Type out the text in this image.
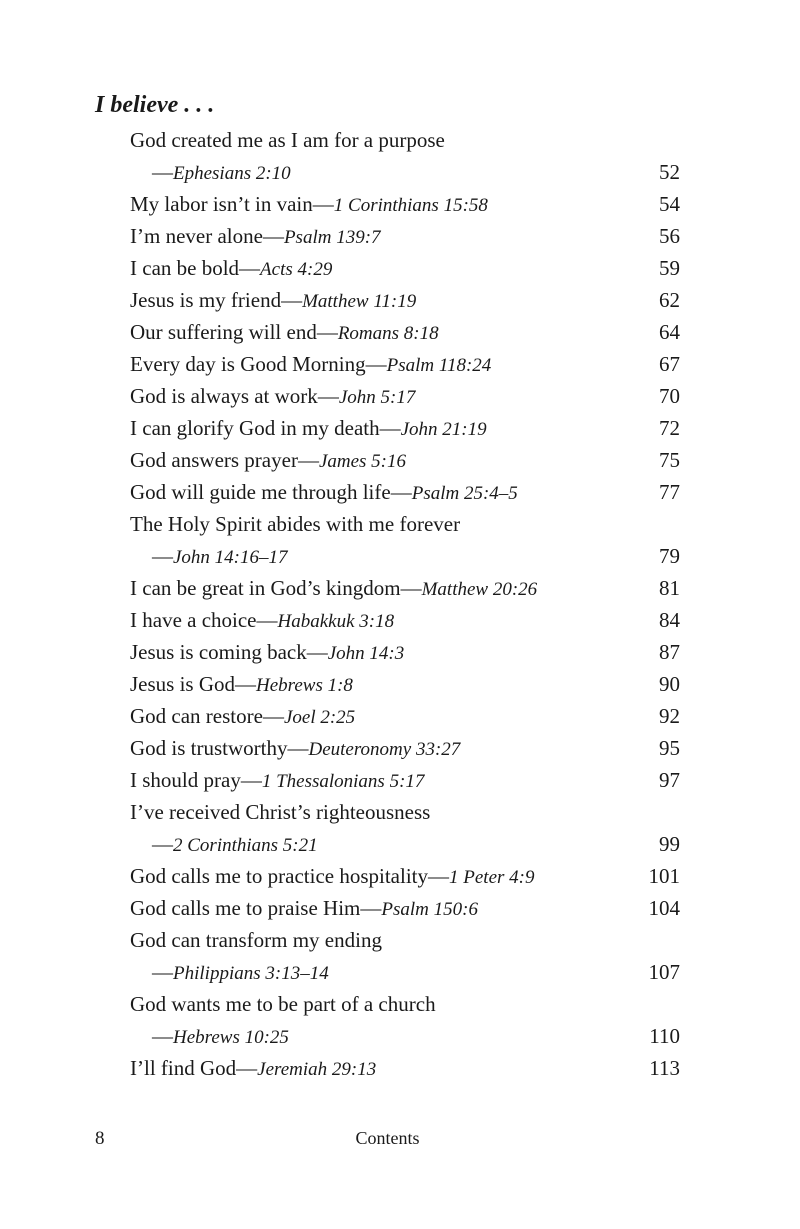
I believe . . .
God created me as I am for a purpose
—Ephesians 2:10	52
My labor isn’t in vain—1 Corinthians 15:58	54
I’m never alone—Psalm 139:7	56
I can be bold—Acts 4:29	59
Jesus is my friend—Matthew 11:19	62
Our suffering will end—Romans 8:18	64
Every day is Good Morning—Psalm 118:24	67
God is always at work—John 5:17	70
I can glorify God in my death—John 21:19	72
God answers prayer—James 5:16	75
God will guide me through life—Psalm 25:4–5	77
The Holy Spirit abides with me forever
—John 14:16–17	79
I can be great in God’s kingdom—Matthew 20:26	81
I have a choice—Habakkuk 3:18	84
Jesus is coming back—John 14:3	87
Jesus is God—Hebrews 1:8	90
God can restore—Joel 2:25	92
God is trustworthy—Deuteronomy 33:27	95
I should pray—1 Thessalonians 5:17	97
I’ve received Christ’s righteousness
—2 Corinthians 5:21	99
God calls me to practice hospitality—1 Peter 4:9	101
God calls me to praise Him—Psalm 150:6	104
God can transform my ending
—Philippians 3:13–14	107
God wants me to be part of a church
—Hebrews 10:25	110
I’ll find God—Jeremiah 29:13	113
8	Contents
